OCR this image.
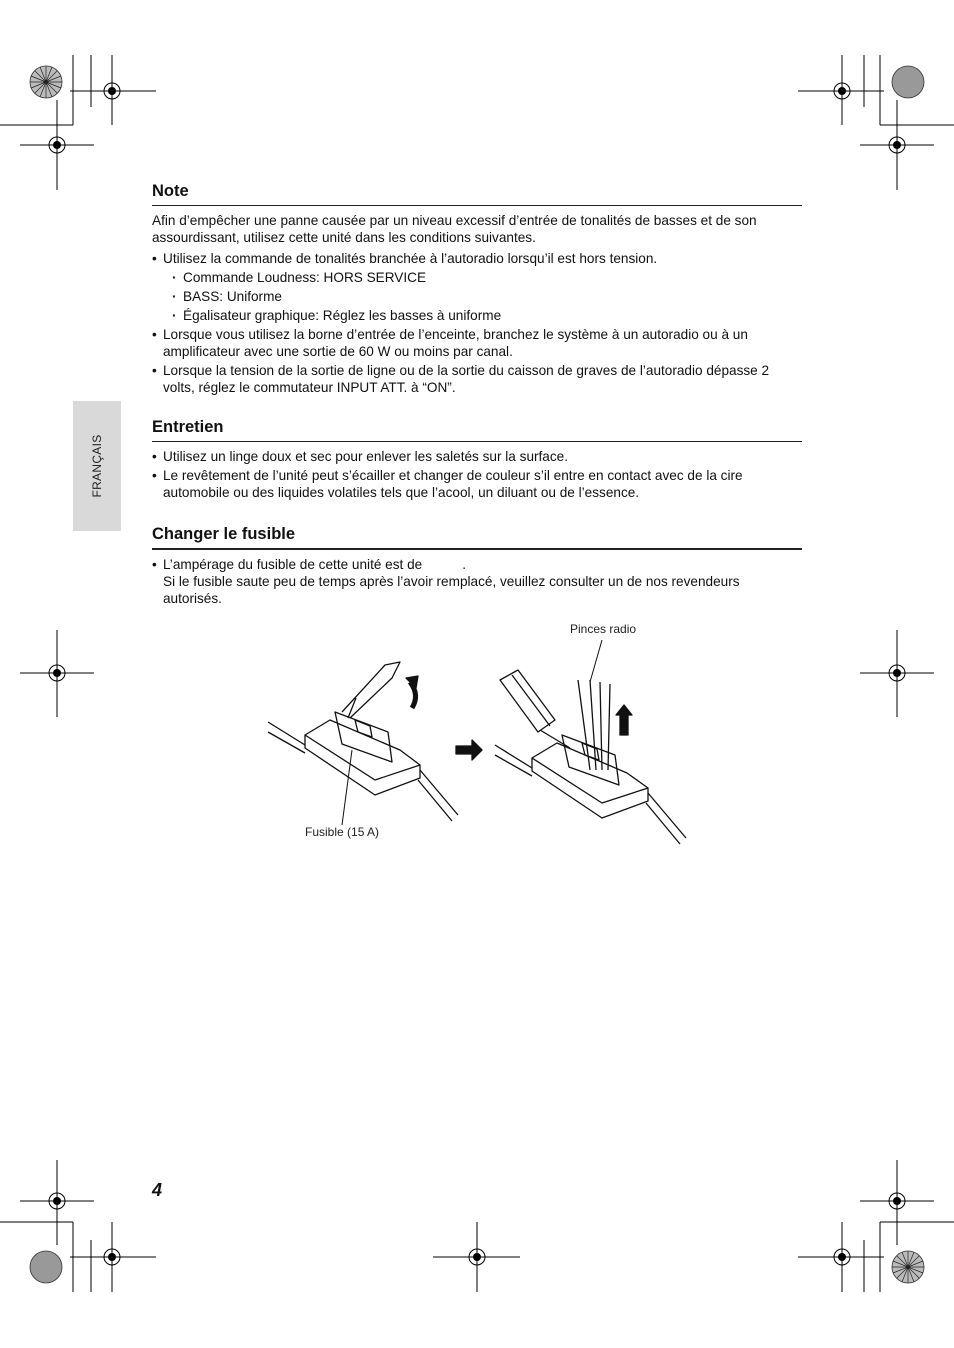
FRANÇAIS
Note

Afin d’empêcher une panne causée par un niveau excessif d’entrée de tonalités de basses et de son assourdissant, utilisez cette unité dans les conditions suivantes.

• Utilisez la commande de tonalités branchée à l’autoradio lorsqu’il est hors tension.
· Commande Loudness: HORS SERVICE
· BASS: Uniforme
· Égalisateur graphique: Réglez les basses à uniforme
• Lorsque vous utilisez la borne d’entrée de l’enceinte, branchez le système à un autoradio ou à un amplificateur avec une sortie de 60 W ou moins par canal.
• Lorsque la tension de la sortie de ligne ou de la sortie du caisson de graves de l’autoradio dépasse 2 volts, réglez le commutateur INPUT ATT. à “ON”.
Entretien
• Utilisez un linge doux et sec pour enlever les saletés sur la surface.
• Le revêtement de l’unité peut s’écailler et changer de couleur s’il entre en contact avec de la cire automobile ou des liquides volatiles tels que l’acool, un diluant ou de l’essence.
Changer le fusible
• L’ampérage du fusible de cette unité est de	.
Si le fusible saute peu de temps après l’avoir remplacé, veuillez consulter un de nos revendeurs autorisés.
Pinces radio
Fusible (15 A)
4
